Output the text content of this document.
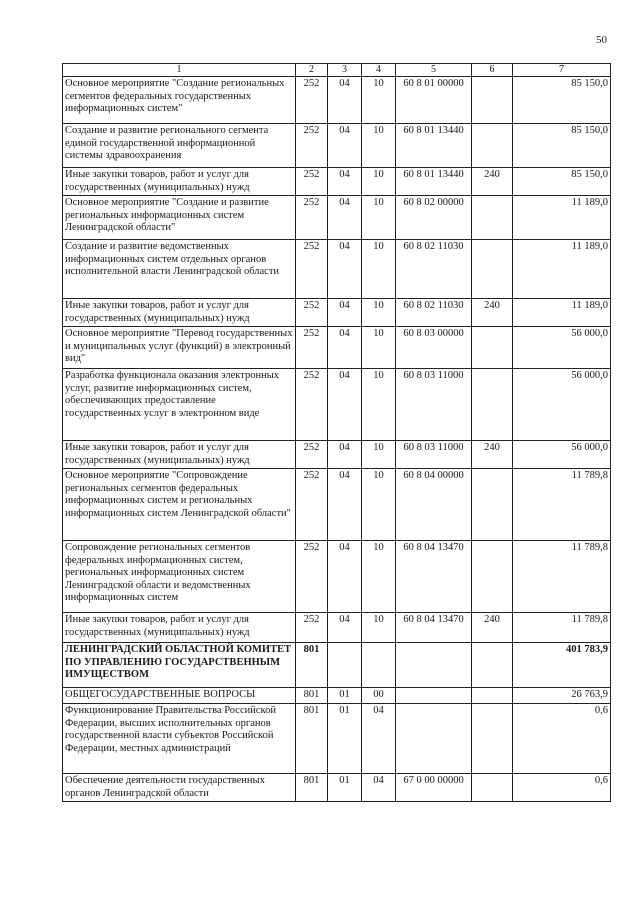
50
1	2	3	4	5	6	7
Основное мероприятие "Создание региональных сегментов федеральных государственных информационных систем"	252	04	10	60 8 01 00000		85 150,0
Создание и развитие регионального сегмента единой государственной информационной системы здравоохранения	252	04	10	60 8 01 13440		85 150,0
Иные закупки товаров, работ и услуг для государственных (муниципальных) нужд	252	04	10	60 8 01 13440	240	85 150,0
Основное мероприятие "Создание и развитие региональных информационных систем Ленинградской области"	252	04	10	60 8 02 00000		11 189,0
Создание и развитие ведомственных информационных систем отдельных органов исполнительной власти Ленинградской области	252	04	10	60 8 02 11030		11 189,0
Иные закупки товаров, работ и услуг для государственных (муниципальных) нужд	252	04	10	60 8 02 11030	240	11 189,0
Основное мероприятие "Перевод государственных и муниципальных услуг (функций) в электронный вид"	252	04	10	60 8 03 00000		56 000,0
Разработка функционала оказания электронных услуг, развитие информационных систем, обеспечивающих предоставление государственных услуг в электронном виде	252	04	10	60 8 03 11000		56 000,0
Иные закупки товаров, работ и услуг для государственных (муниципальных) нужд	252	04	10	60 8 03 11000	240	56 000,0
Основное мероприятие "Сопровождение региональных сегментов федеральных информационных систем и региональных информационных систем Ленинградской области"	252	04	10	60 8 04 00000		11 789,8
Сопровождение региональных сегментов федеральных информационных систем, региональных информационных систем Ленинградской области и ведомственных информационных систем	252	04	10	60 8 04 13470		11 789,8
Иные закупки товаров, работ и услуг для государственных (муниципальных) нужд	252	04	10	60 8 04 13470	240	11 789,8
ЛЕНИНГРАДСКИЙ ОБЛАСТНОЙ КОМИТЕТ ПО УПРАВЛЕНИЮ ГОСУДАРСТВЕННЫМ ИМУЩЕСТВОМ	801					401 783,9
ОБЩЕГОСУДАРСТВЕННЫЕ ВОПРОСЫ	801	01	00			26 763,9
Функционирование Правительства Российской Федерации, высших исполнительных органов государственной власти субъектов Российской Федерации, местных администраций	801	01	04			0,6
Обеспечение деятельности государственных органов Ленинградской области	801	01	04	67 0 00 00000		0,6
